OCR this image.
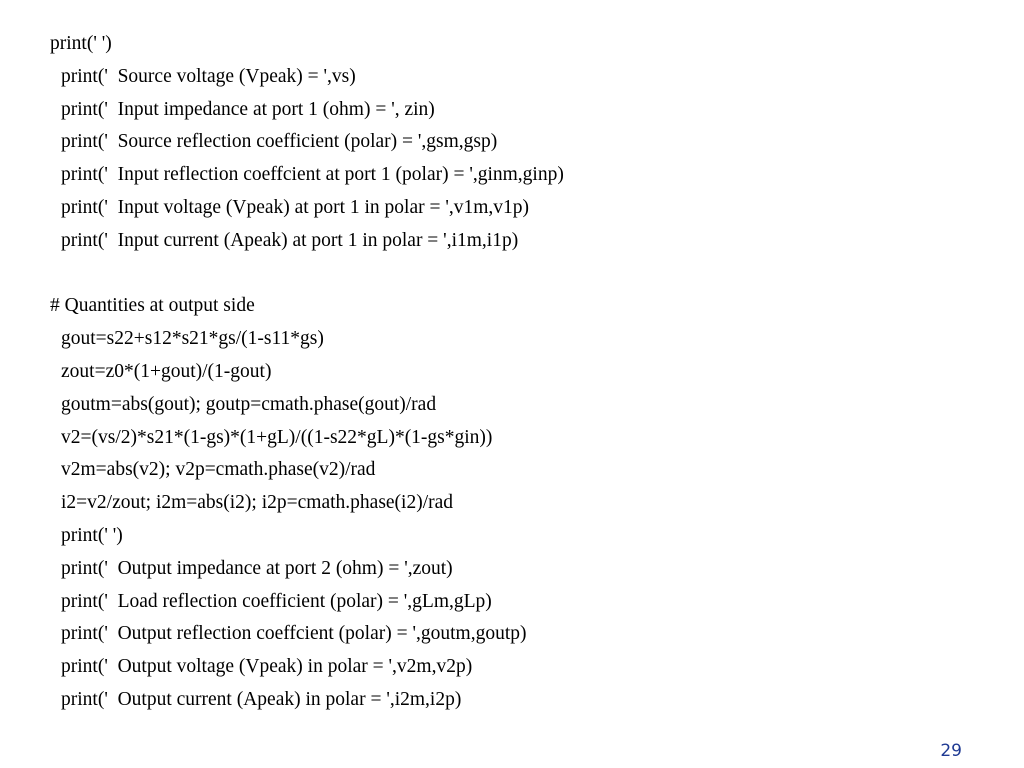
print(' ')
print('  Source voltage (Vpeak) = ',vs)
print('  Input impedance at port 1 (ohm) = ', zin)
print('  Source reflection coefficient (polar) = ',gsm,gsp)
print('  Input reflection coeffcient at port 1 (polar) = ',ginm,ginp)
print('  Input voltage (Vpeak) at port 1 in polar = ',v1m,v1p)
print('  Input current (Apeak) at port 1 in polar = ',i1m,i1p)
# Quantities at output side
gout=s22+s12*s21*gs/(1-s11*gs)
zout=z0*(1+gout)/(1-gout)
goutm=abs(gout); goutp=cmath.phase(gout)/rad
v2=(vs/2)*s21*(1-gs)*(1+gL)/((1-s22*gL)*(1-gs*gin))
v2m=abs(v2); v2p=cmath.phase(v2)/rad
i2=v2/zout; i2m=abs(i2); i2p=cmath.phase(i2)/rad
print(' ')
print('  Output impedance at port 2 (ohm) = ',zout)
print('  Load reflection coefficient (polar) = ',gLm,gLp)
print('  Output reflection coeffcient (polar) = ',goutm,goutp)
print('  Output voltage (Vpeak) in polar = ',v2m,v2p)
print('  Output current (Apeak) in polar = ',i2m,i2p)
29
